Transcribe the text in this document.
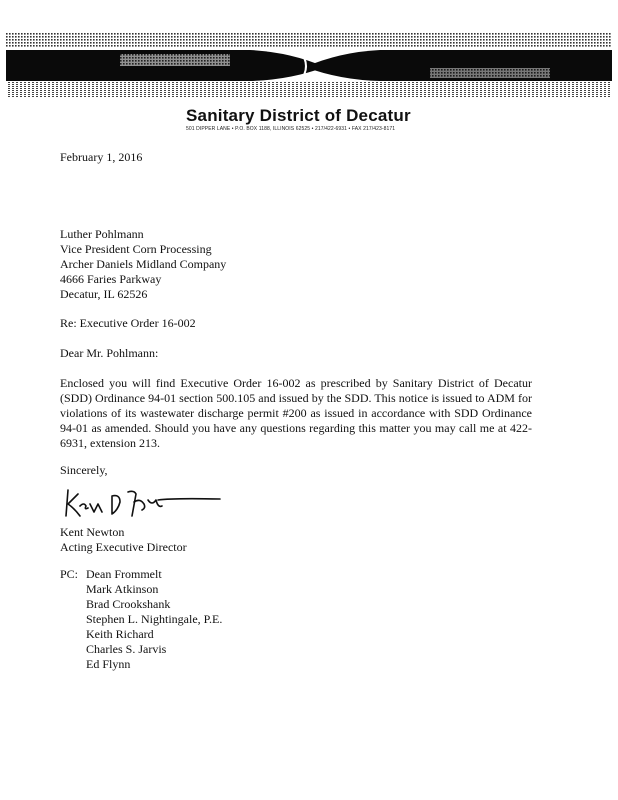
Sanitary District of Decatur
501 DIPPER LANE • P.O. BOX 1188, ILLINOIS 62525 • 217/422-6931 • FAX 217/423-8171
February 1, 2016
Luther Pohlmann
Vice President Corn Processing
Archer Daniels Midland Company
4666 Faries Parkway
Decatur, IL 62526
Re: Executive Order 16-002
Dear Mr. Pohlmann:
Enclosed you will find Executive Order 16-002 as prescribed by Sanitary District of Decatur (SDD) Ordinance 94-01 section 500.105 and issued by the SDD. This notice is issued to ADM for violations of its wastewater discharge permit #200 as issued in accordance with SDD Ordinance 94-01 as amended. Should you have any questions regarding this matter you may call me at 422-6931, extension 213.
Sincerely,
Kent Newton
Acting Executive Director
PC: Dean Frommelt
Mark Atkinson
Brad Crookshank
Stephen L. Nightingale, P.E.
Keith Richard
Charles S. Jarvis
Ed Flynn
